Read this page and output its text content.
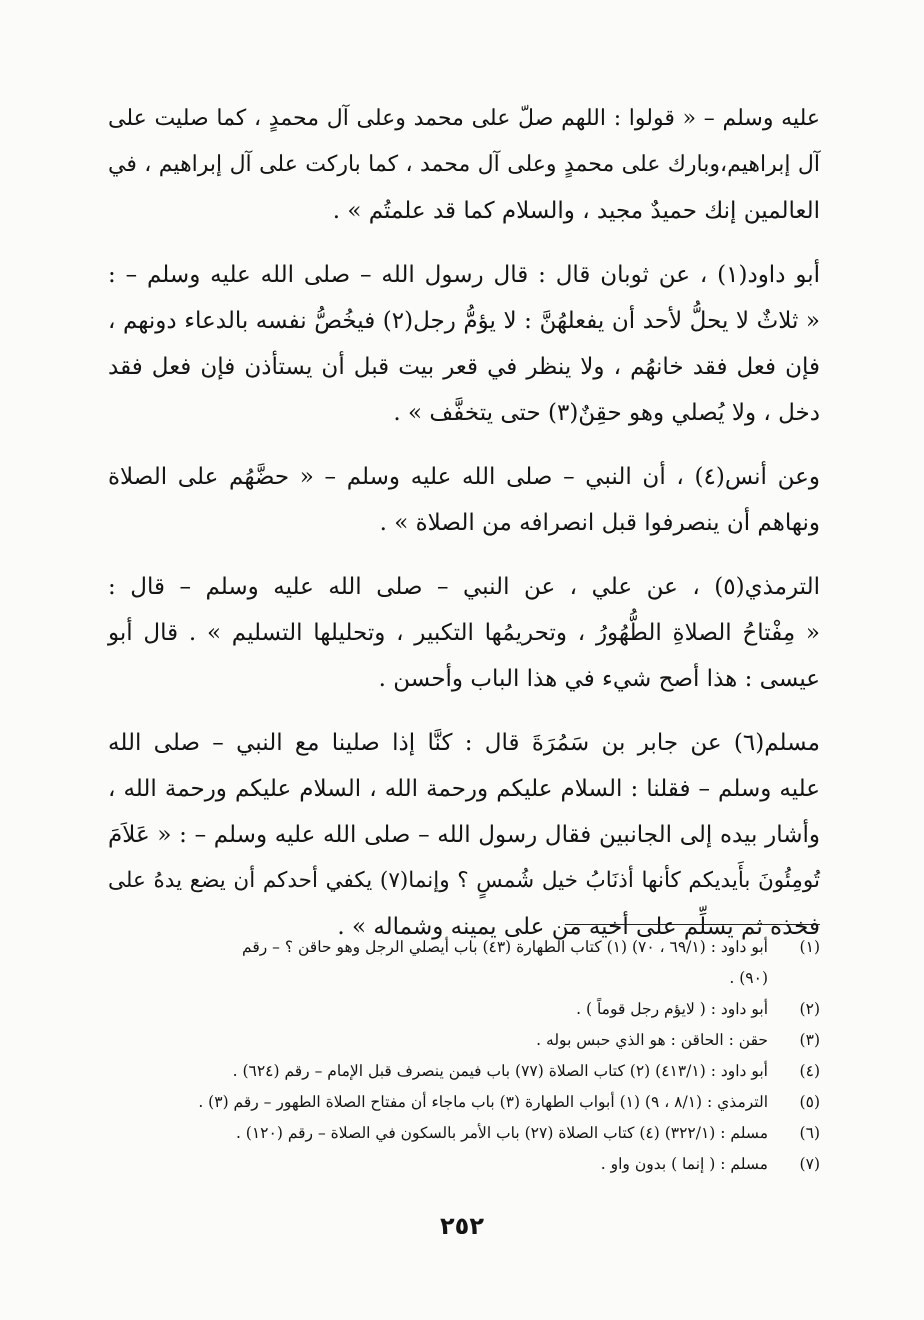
عليه وسلم – « قولوا : اللهم صلّ على محمد وعلى آل محمدٍ ، كما صليت على
آل إبراهيم،وبارك على محمدٍ وعلى آل محمد ، كما باركت على آل إبراهيم ، في
العالمين إنك حميدٌ مجيد ، والسلام كما قد علمتُم » .
أبو داود(١) ، عن ثوبان قال : قال رسول الله – صلى الله عليه وسلم – :
« ثلاثٌ لا يحلُّ لأحد أن يفعلهُنَّ : لا يؤمُّ رجل(٢) فيخُصُّ نفسه بالدعاء دونهم ،
فإن فعل فقد خانهُم ، ولا ينظر في قعر بيت قبل أن يستأذن فإن فعل فقد
دخل ، ولا يُصلي وهو حقِنٌ(٣) حتى يتخفَّف » .
وعن أنس(٤) ، أن النبي – صلى الله عليه وسلم – « حضَّهُم على الصلاة
ونهاهم أن ينصرفوا قبل انصرافه من الصلاة » .
الترمذي(٥) ، عن علي ، عن النبي – صلى الله عليه وسلم – قال :
« مِفْتاحُ الصلاةِ الطُّهُورُ ، وتحريمُها التكبير ، وتحليلها التسليم » . قال أبو
عيسى : هذا أصح شيء في هذا الباب وأحسن .
مسلم(٦) عن جابر بن سَمُرَةَ قال : كنَّا إذا صلينا مع النبي – صلى الله
عليه وسلم – فقلنا : السلام عليكم ورحمة الله ، السلام عليكم ورحمة الله ،
وأشار بيده إلى الجانبين فقال رسول الله – صلى الله عليه وسلم – : « عَلاَمَ
تُومِئُونَ بأَيديكم كأنها أذنَابُ خيل شُمسٍ ؟ وإنما(٧) يكفي أحدكم أن يضع يدهُ على
فخذه ثم يسلِّم على أخيه من على يمينه وشماله » .
(١)
أبو داود : (٦٩/١ ، ٧٠) (١) كتاب الطهارة (٤٣) باب أيصلي الرجل وهو حاقن ؟ – رقم
(٩٠) .
(٢)
أبو داود : ( لايؤم رجل قوماً ) .
(٣)
حقن : الحاقن : هو الذي حبس بوله .
(٤)
أبو داود : (٤١٣/١) (٢) كتاب الصلاة (٧٧) باب فيمن ينصرف قبل الإمام – رقم (٦٢٤) .
(٥)
الترمذي : (٨/١ ، ٩) (١) أبواب الطهارة (٣) باب ماجاء أن مفتاح الصلاة الطهور – رقم (٣) .
(٦)
مسلم : (٣٢٢/١) (٤) كتاب الصلاة (٢٧) باب الأمر بالسكون في الصلاة – رقم (١٢٠) .
(٧)
مسلم : ( إنما ) بدون واو .
٢٥٢
